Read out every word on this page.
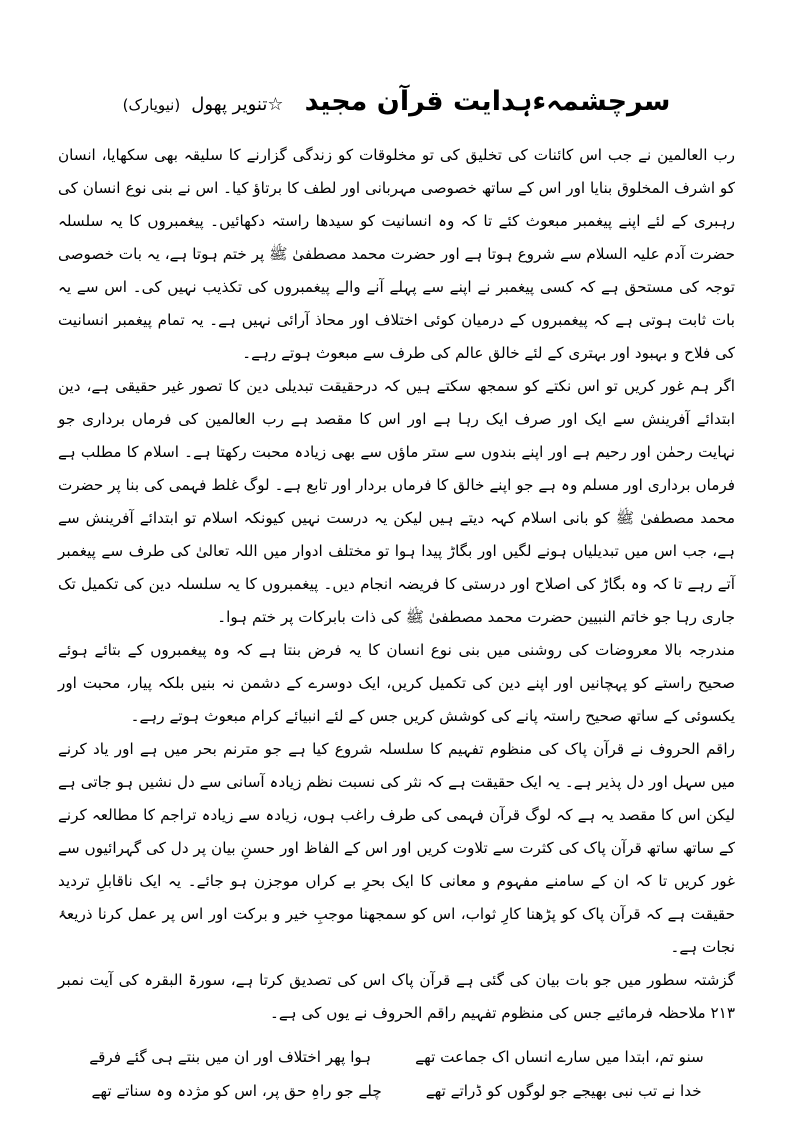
سرچشمہءہدایت قرآن مجید ☆تنویر پھول (نیویارک)

رب العالمین نے جب اس کائنات کی تخلیق کی تو مخلوقات کو زندگی گزارنے کا سلیقہ بھی سکھایا، انسان کو اشرف المخلوق بنایا اور اس کے ساتھ خصوصی مہربانی اور لطف کا برتاؤ کیا۔ اس نے بنی نوع انسان کی رہبری کے لئے اپنے پیغمبر مبعوث کئے تا کہ وہ انسانیت کو سیدھا راستہ دکھائیں۔ پیغمبروں کا یہ سلسلہ حضرت آدم علیہ السلام سے شروع ہوتا ہے اور حضرت محمد مصطفیٰ ﷺ پر ختم ہوتا ہے، یہ بات خصوصی توجہ کی مستحق ہے کہ کسی پیغمبر نے اپنے سے پہلے آنے والے پیغمبروں کی تکذیب نہیں کی۔ اس سے یہ بات ثابت ہوتی ہے کہ پیغمبروں کے درمیان کوئی اختلاف اور محاذ آرائی نہیں ہے۔ یہ تمام پیغمبر انسانیت کی فلاح و بہبود اور بہتری کے لئے خالق عالم کی طرف سے مبعوث ہوتے رہے۔

اگر ہم غور کریں تو اس نکتے کو سمجھ سکتے ہیں کہ درحقیقت تبدیلی دین کا تصور غیر حقیقی ہے، دین ابتدائے آفرینش سے ایک اور صرف ایک رہا ہے اور اس کا مقصد ہے رب العالمین کی فرماں برداری جو نہایت رحمٰن اور رحیم ہے اور اپنے بندوں سے ستر ماؤں سے بھی زیادہ محبت رکھتا ہے۔ اسلام کا مطلب ہے فرماں برداری اور مسلم وہ ہے جو اپنے خالق کا فرماں بردار اور تابع ہے۔ لوگ غلط فہمی کی بنا پر حضرت محمد مصطفیٰ ﷺ کو بانی اسلام کہہ دیتے ہیں لیکن یہ درست نہیں کیونکہ اسلام تو ابتدائے آفرینش سے ہے، جب اس میں تبدیلیاں ہونے لگیں اور بگاڑ پیدا ہوا تو مختلف ادوار میں اللہ تعالیٰ کی طرف سے پیغمبر آتے رہے تا کہ وہ بگاڑ کی اصلاح اور درستی کا فریضہ انجام دیں۔ پیغمبروں کا یہ سلسلہ دین کی تکمیل تک جاری رہا جو خاتم النبیین حضرت محمد مصطفیٰ ﷺ کی ذات بابرکات پر ختم ہوا۔

مندرجہ بالا معروضات کی روشنی میں بنی نوع انسان کا یہ فرض بنتا ہے کہ وہ پیغمبروں کے بتائے ہوئے صحیح راستے کو پہچانیں اور اپنے دین کی تکمیل کریں، ایک دوسرے کے دشمن نہ بنیں بلکہ پیار، محبت اور یکسوئی کے ساتھ صحیح راستہ پانے کی کوشش کریں جس کے لئے انبیائے کرام مبعوث ہوتے رہے۔

راقم الحروف نے قرآن پاک کی منظوم تفہیم کا سلسلہ شروع کیا ہے جو مترنم بحر میں ہے اور یاد کرنے میں سہل اور دل پذیر ہے۔ یہ ایک حقیقت ہے کہ نثر کی نسبت نظم زیادہ آسانی سے دل نشیں ہو جاتی ہے لیکن اس کا مقصد یہ ہے کہ لوگ قرآن فہمی کی طرف راغب ہوں، زیادہ سے زیادہ تراجم کا مطالعہ کرنے کے ساتھ ساتھ قرآن پاک کی کثرت سے تلاوت کریں اور اس کے الفاظ اور حسنِ بیان پر دل کی گہرائیوں سے غور کریں تا کہ ان کے سامنے مفہوم و معانی کا ایک بحرِ بے کراں موجزن ہو جائے۔ یہ ایک ناقابلِ تردید حقیقت ہے کہ قرآن پاک کو پڑھنا کارِ ثواب، اس کو سمجھنا موجبِ خیر و برکت اور اس پر عمل کرنا ذریعۂ نجات ہے۔

گزشتہ سطور میں جو بات بیان کی گئی ہے قرآن پاک اس کی تصدیق کرتا ہے، سورۃ البقرہ کی آیت نمبر ۲۱۳ ملاحظہ فرمائیے جس کی منظوم تفہیم راقم الحروف نے یوں کی ہے۔

سنو تم، ابتدا میں سارے انساں اک جماعت تھے
ہوا پھر اختلاف اور ان میں بنتے ہی گئے فرقے
خدا نے تب نبی بھیجے جو لوگوں کو ڈراتے تھے
چلے جو راہِ حق پر، اس کو مژدہ وہ سناتے تھے
